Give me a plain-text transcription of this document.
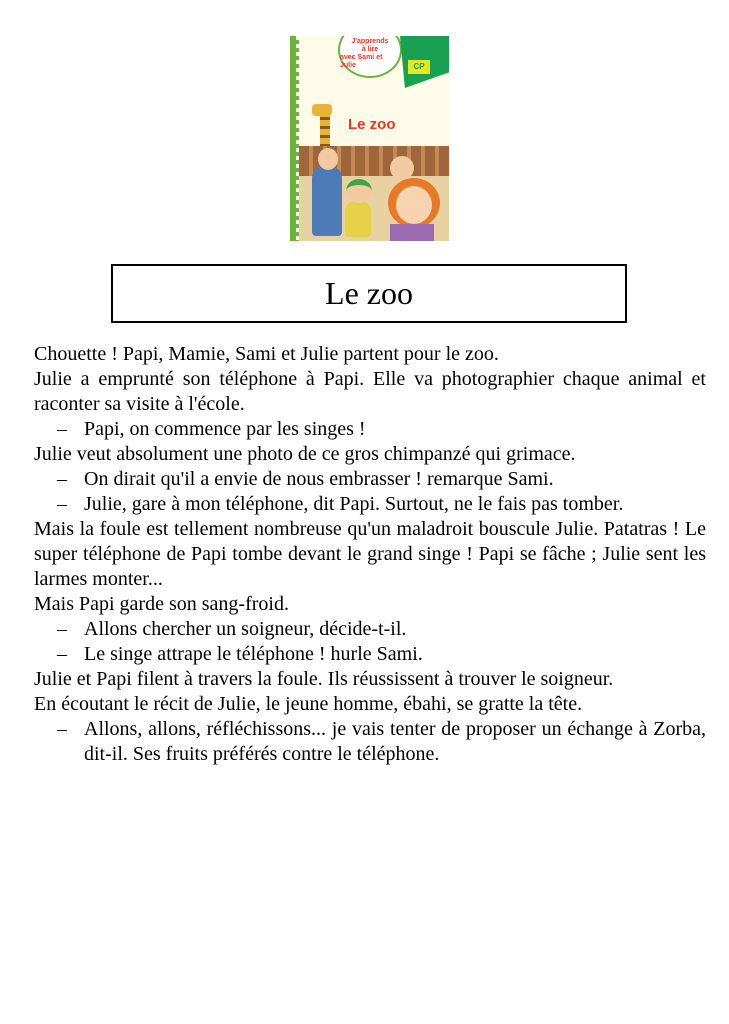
J'apprends
à lire
avec Sami et Julie	CP
Le zoo
Le zoo

Chouette ! Papi, Mamie, Sami et Julie partent pour le zoo.

Julie a emprunté son téléphone à Papi. Elle va photographier chaque animal et raconter sa visite à l'école.

– Papi, on commence par les singes !

Julie veut absolument une photo de ce gros chimpanzé qui grimace.

– On dirait qu'il a envie de nous embrasser ! remarque Sami.

– Julie, gare à mon téléphone, dit Papi. Surtout, ne le fais pas tomber.

Mais la foule est tellement nombreuse qu'un maladroit bouscule Julie. Patatras ! Le super téléphone de Papi tombe devant le grand singe ! Papi se fâche ; Julie sent les larmes monter...

Mais Papi garde son sang-froid.

– Allons chercher un soigneur, décide-t-il.

– Le singe attrape le téléphone ! hurle Sami.

Julie et Papi filent à travers la foule. Ils réussissent à trouver le soigneur.

En écoutant le récit de Julie, le jeune homme, ébahi, se gratte la tête.

– Allons, allons, réfléchissons... je vais tenter de proposer un échange à Zorba, dit-il. Ses fruits préférés contre le téléphone.
